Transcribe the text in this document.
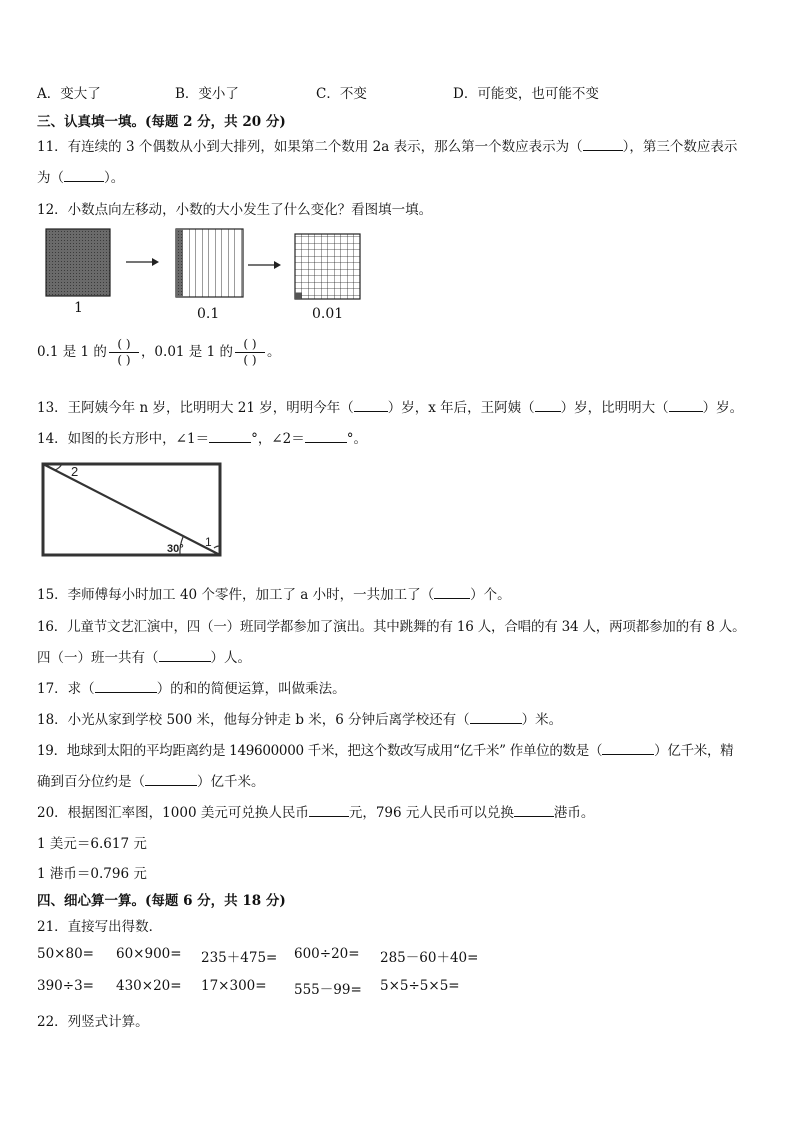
A．变大了	B．变小了	C．不变	D．可能变，也可能不变
三、认真填一填。(每题 2 分，共 20 分)
11．有连续的 3 个偶数从小到大排列，如果第二个数用 2a 表示，那么第一个数应表示为（	），第三个数应表示
为（	）。
12．小数点向左移动，小数的大小发生了什么变化？看图填一填。
1	0.1	0.01
0.1 是 1 的 $\frac{( )}{( )}$ ，0.01 是 1 的 $\frac{( )}{( )}$ 。
13．王阿姨今年 n 岁，比明明大 21 岁，明明今年（	）岁，x 年后，王阿姨（ ）岁，比明明大（	）岁。
14．如图的长方形中，∠1＝	°，∠2＝	°。
2
1
30°
15．李师傅每小时加工 40 个零件，加工了 a 小时，一共加工了（	）个。
16．儿童节文艺汇演中，四（一）班同学都参加了演出。其中跳舞的有 16 人，合唱的有 34 人，两项都参加的有 8 人。
四（一）班一共有（	）人。
17．求（	）的和的简便运算，叫做乘法。
18．小光从家到学校 500 米，他每分钟走 b 米，6 分钟后离学校还有（	）米。
19．地球到太阳的平均距离约是 149600000 千米，把这个数改写成用“亿千米” 作单位的数是（	）亿千米，精
确到百分位约是（	）亿千米。
20．根据图汇率图，1000 美元可兑换人民币	元，796 元人民币可以兑换	港币。
1 美元＝6.617 元
1 港币＝0.796 元
四、细心算一算。(每题 6 分，共 18 分)
21．直接写出得数．
50×80= 60×900= 235＋475= 600÷20= 285－60＋40=
390÷3= 430×20= 17×300= 555－99= 5×5÷5×5=
22．列竖式计算。
